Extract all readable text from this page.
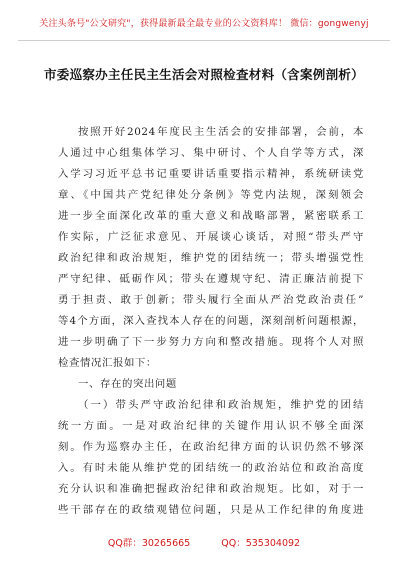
关注头条号"公文研究"，获得最新最全最专业的公文资料库！ 微信：gongwenyj
市委巡察办主任民主生活会对照检查材料（含案例剖析）
按照开好2024年度民主生活会的安排部署，会前，本
人通过中心组集体学习、集中研讨、个人自学等方式，深
入学习习近平总书记重要讲话重要指示精神，系统研读党
章、《中国共产党纪律处分条例》等党内法规，深刻领会
进一步全面深化改革的重大意义和战略部署，紧密联系工
作实际，广泛征求意见、开展谈心谈话，对照“带头严守
政治纪律和政治规矩，维护党的团结统一；带头增强党性
严守纪律、砥砺作风；带头在遵规守纪、清正廉洁前提下
勇于担责、敢于创新；带头履行全面从严治党政治责任”
等4个方面，深入查找本人存在的问题，深刻剖析问题根源，
进一步明确了下一步努力方向和整改措施。现将个人对照
检查情况汇报如下：
一、存在的突出问题
（一）带头严守政治纪律和政治规矩，维护党的团结
统一方面。一是对政治纪律的关键作用认识不够全面深
刻。作为巡察办主任，在政治纪律方面的认识仍然不够深
入。有时未能从维护党的团结统一的政治站位和政治高度
充分认识和准确把握政治纪律和政治规矩。比如，对于一
些干部存在的政绩观错位问题，只是从工作纪律的角度进
QQ群：30265665	QQ：535304092
